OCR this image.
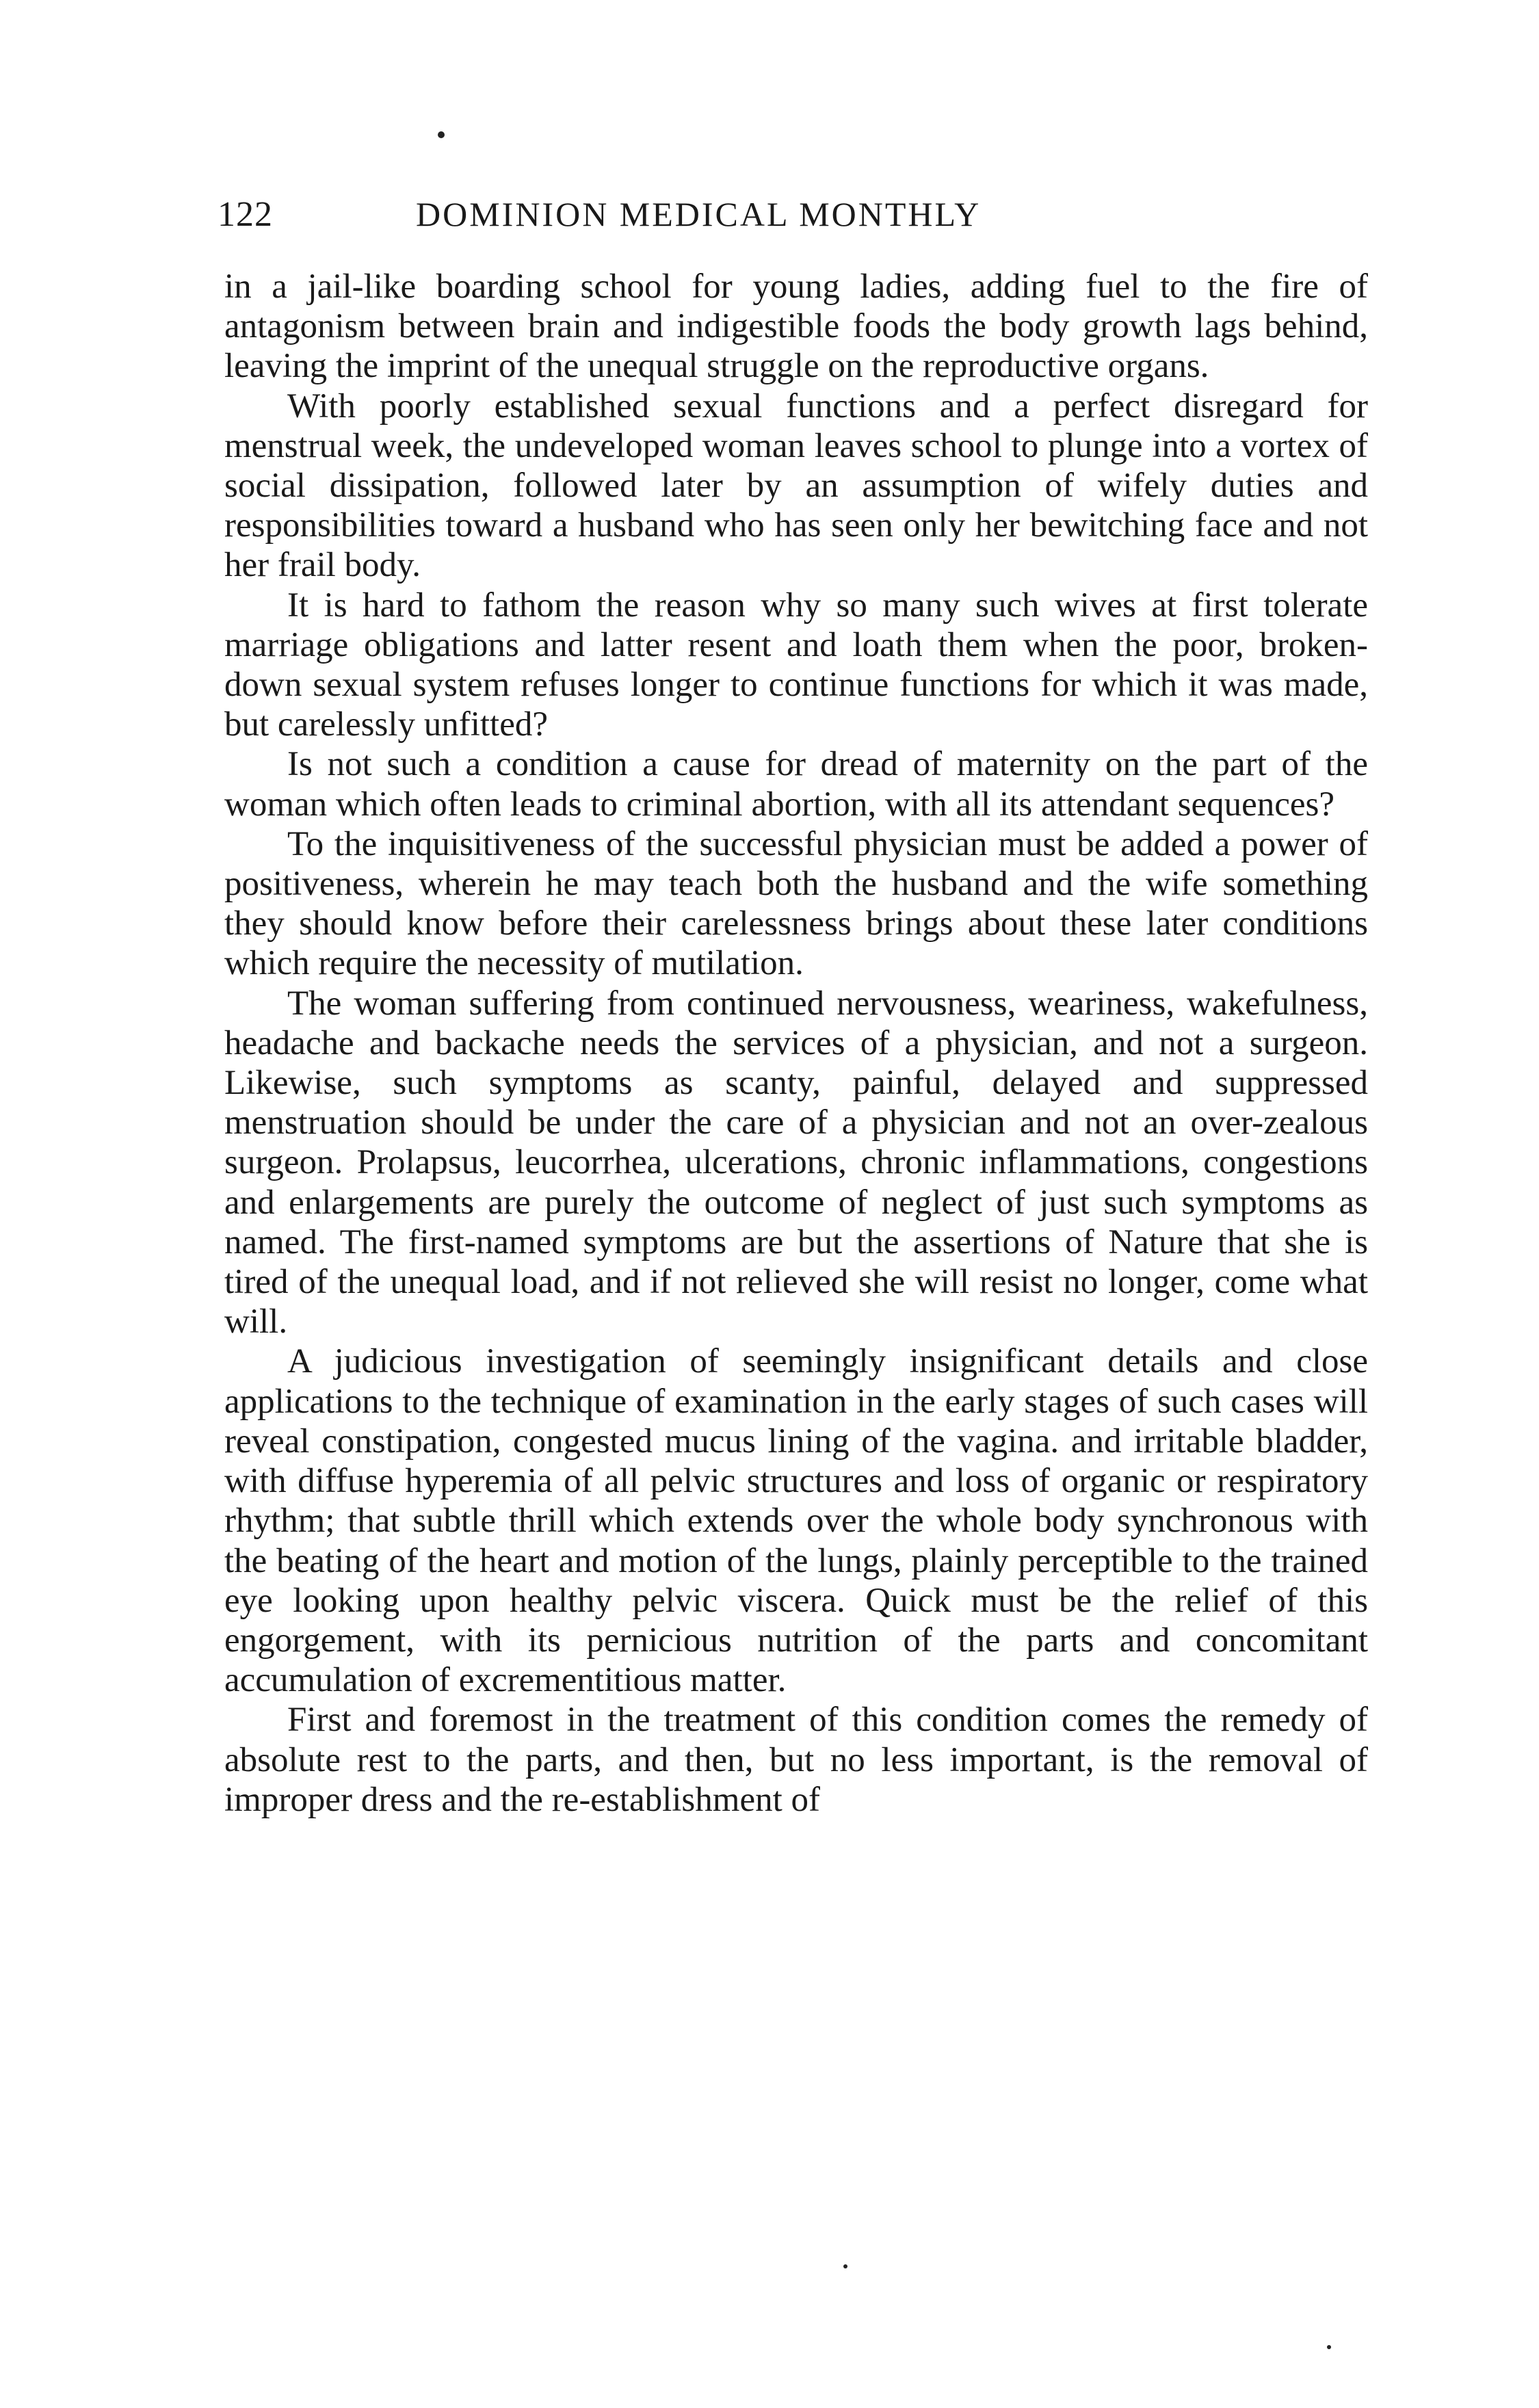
122	DOMINION MEDICAL MONTHLY

in a jail-like boarding school for young ladies, adding fuel to the fire of antagonism between brain and indigestible foods the body growth lags behind, leaving the imprint of the unequal struggle on the reproductive organs.

With poorly established sexual functions and a perfect disregard for menstrual week, the undeveloped woman leaves school to plunge into a vortex of social dissipation, followed later by an assumption of wifely duties and responsibilities toward a husband who has seen only her bewitching face and not her frail body.

It is hard to fathom the reason why so many such wives at first tolerate marriage obligations and latter resent and loath them when the poor, broken-down sexual system refuses longer to continue functions for which it was made, but carelessly unfitted?

Is not such a condition a cause for dread of maternity on the part of the woman which often leads to criminal abortion, with all its attendant sequences?

To the inquisitiveness of the successful physician must be added a power of positiveness, wherein he may teach both the husband and the wife something they should know before their carelessness brings about these later conditions which require the necessity of mutilation.

The woman suffering from continued nervousness, weariness, wakefulness, headache and backache needs the services of a physician, and not a surgeon. Likewise, such symptoms as scanty, painful, delayed and suppressed menstruation should be under the care of a physician and not an over-zealous surgeon. Prolapsus, leucorrhea, ulcerations, chronic inflammations, congestions and enlargements are purely the outcome of neglect of just such symptoms as named. The first-named symptoms are but the assertions of Nature that she is tired of the unequal load, and if not relieved she will resist no longer, come what will.

A judicious investigation of seemingly insignificant details and close applications to the technique of examination in the early stages of such cases will reveal constipation, congested mucus lining of the vagina. and irritable bladder, with diffuse hyperemia of all pelvic structures and loss of organic or respiratory rhythm; that subtle thrill which extends over the whole body synchronous with the beating of the heart and motion of the lungs, plainly perceptible to the trained eye looking upon healthy pelvic viscera. Quick must be the relief of this engorgement, with its pernicious nutrition of the parts and concomitant accumulation of excrementitious matter.

First and foremost in the treatment of this condition comes the remedy of absolute rest to the parts, and then, but no less important, is the removal of improper dress and the re-establishment of
